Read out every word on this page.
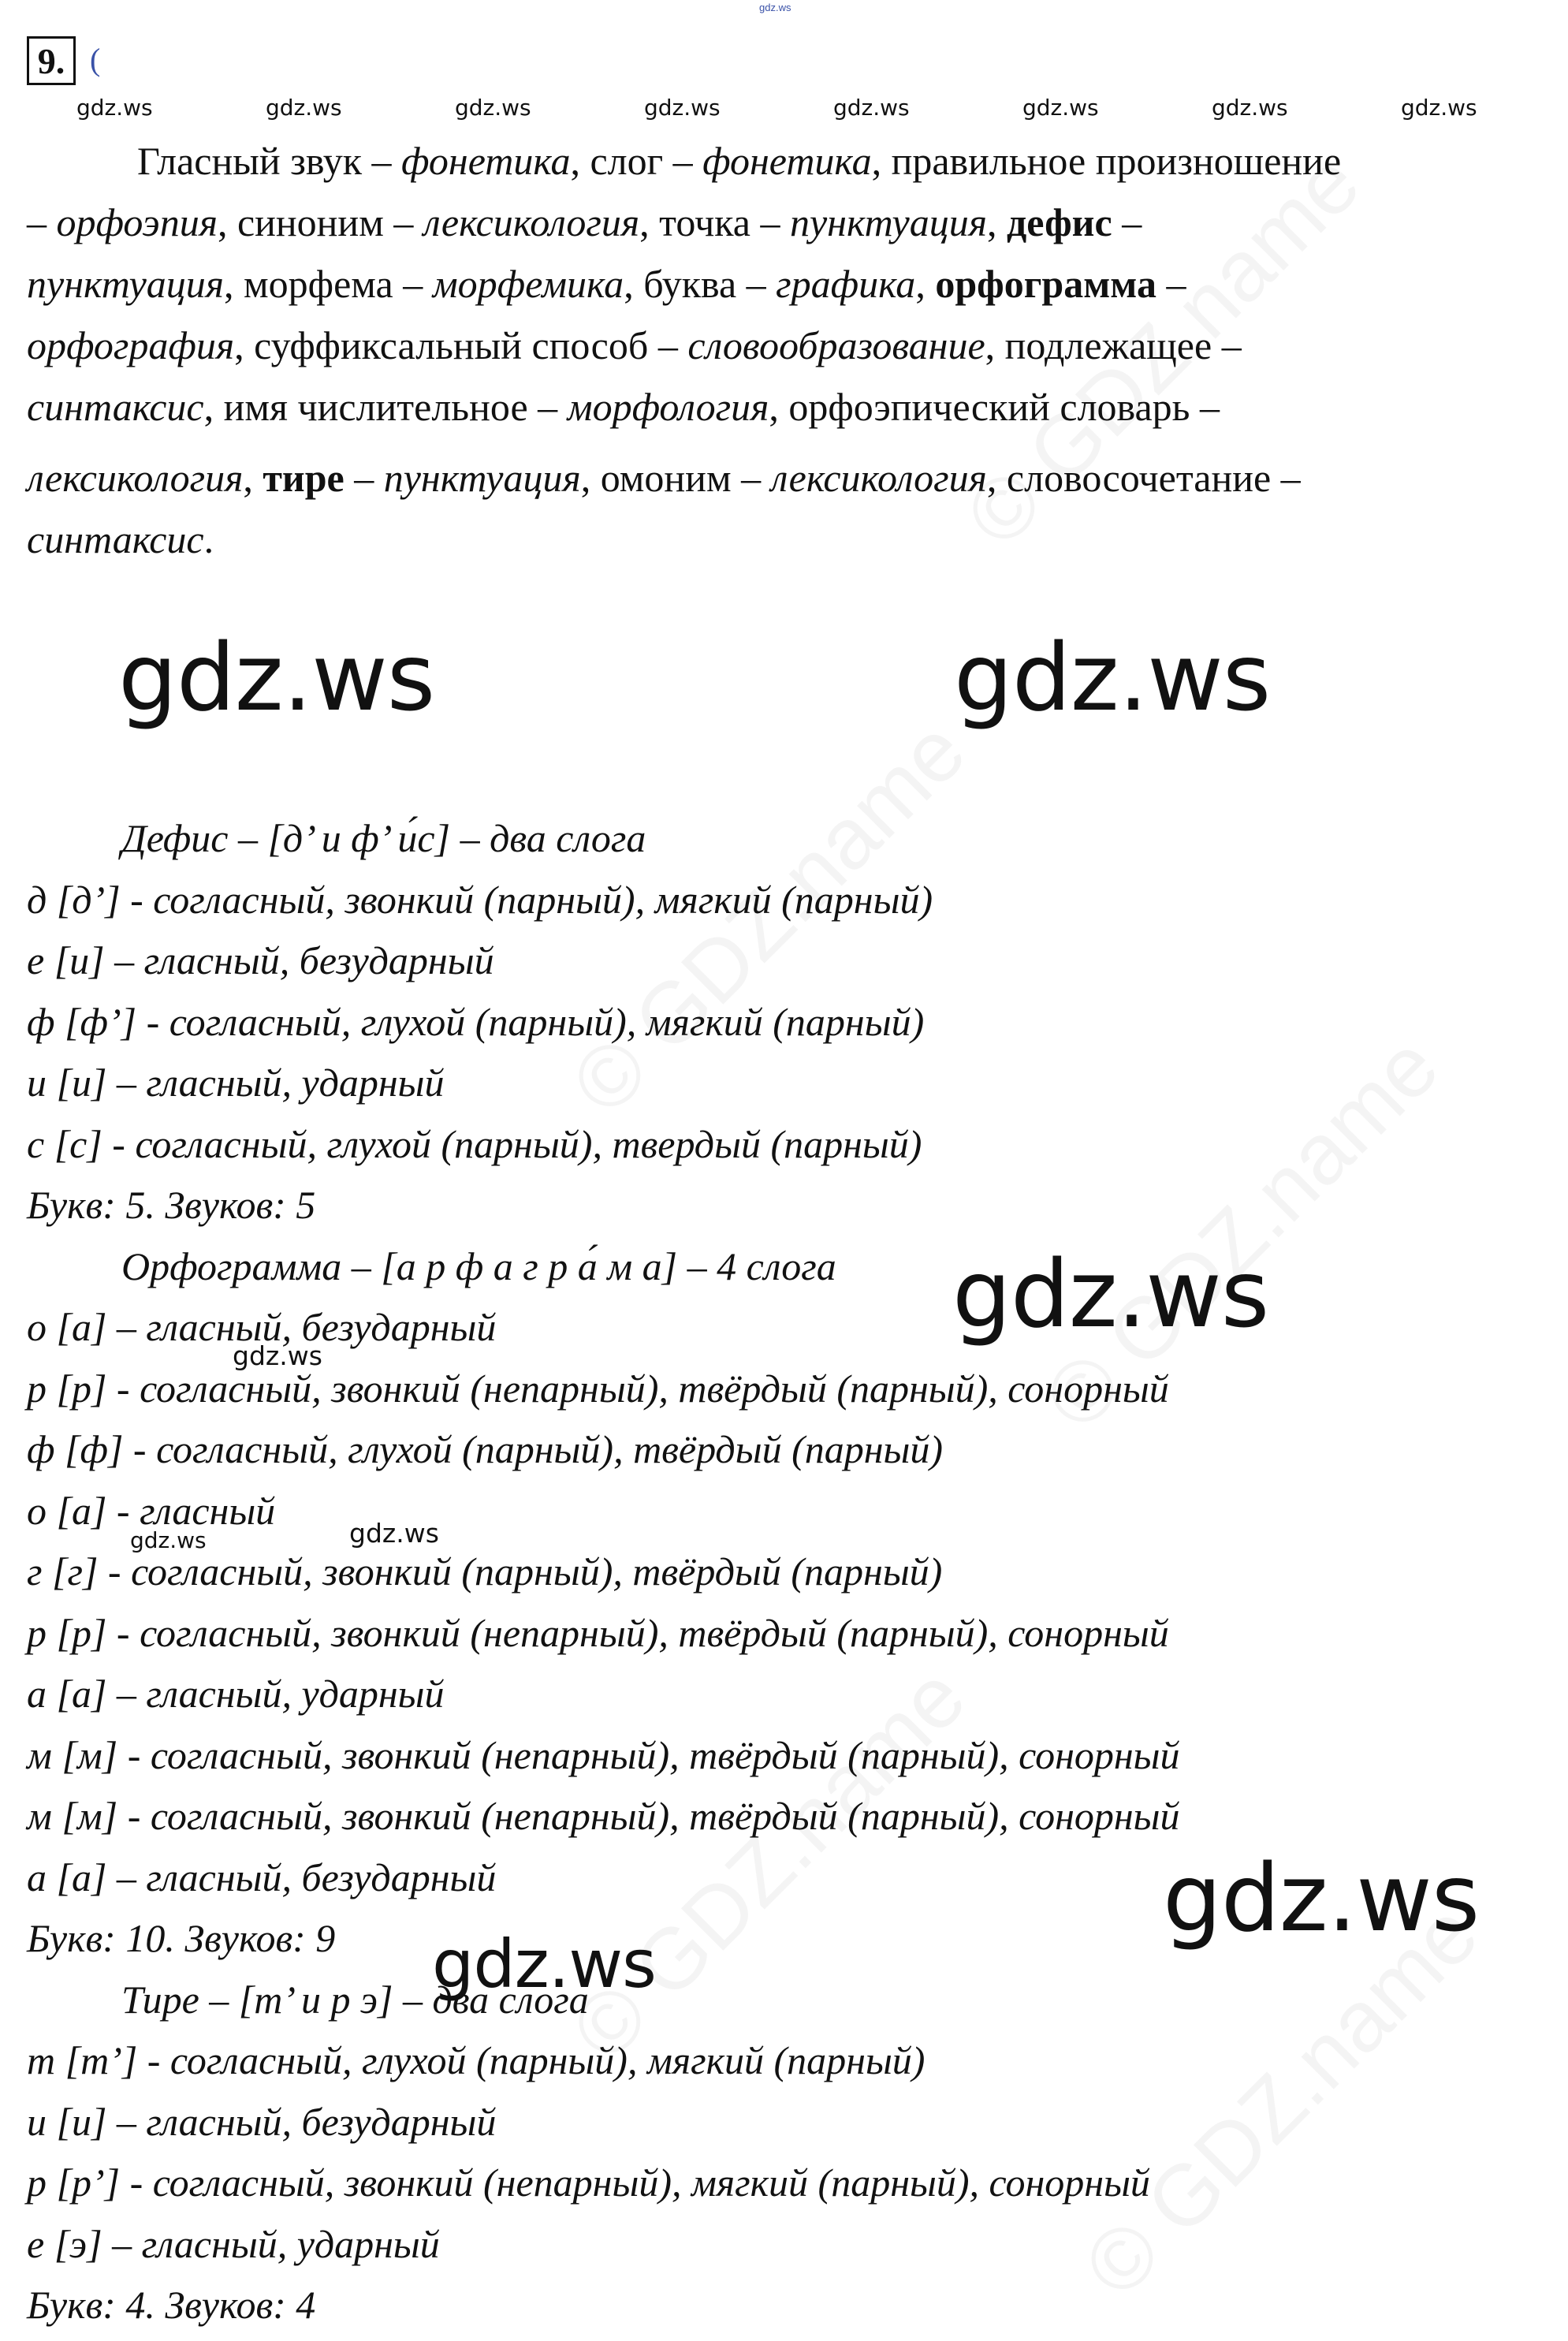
gdz.ws
9. (
gdz.ws	gdz.ws	gdz.ws	gdz.ws	gdz.ws	gdz.ws	gdz.ws	gdz.ws
Гласный звук – фонетика, слог – фонетика, правильное произношение
– орфоэпия, синоним – лексикология, точка – пунктуация, дефис –
пунктуация, морфема – морфемика, буква – графика, орфограмма –
орфография, суффиксальный способ – словообразование, подлежащее –
синтаксис, имя числительное – морфология, орфоэпический словарь –
лексикология, тире – пунктуация, омоним – лексикология, словосочетание –
синтаксис.
gdz.ws	gdz.ws
gdz.ws
gdz.ws
gdz.ws
gdz.ws
gdz.ws	gdz.ws
Дефис – [д’ и ф’ и́с] – два слога
д [д’] - согласный, звонкий (парный), мягкий (парный)
е [и] – гласный, безударный
ф [ф’] - согласный, глухой (парный), мягкий (парный)
и [и] – гласный, ударный
с [с] - согласный, глухой (парный), твердый (парный)
Букв: 5. Звуков: 5
Орфограмма – [а р ф а г р а́ м а] – 4 слога
о [а] – гласный, безударный
р [р] - согласный, звонкий (непарный), твёрдый (парный), сонорный
ф [ф] - согласный, глухой (парный), твёрдый (парный)
о [а] - гласный
г [г] - согласный, звонкий (парный), твёрдый (парный)
р [р] - согласный, звонкий (непарный), твёрдый (парный), сонорный
а [а] – гласный, ударный
м [м] - согласный, звонкий (непарный), твёрдый (парный), сонорный
м [м] - согласный, звонкий (непарный), твёрдый (парный), сонорный
а [а] – гласный, безударный
Букв: 10. Звуков: 9
Тире – [т’ и р э] – два слога
т [т’] - согласный, глухой (парный), мягкий (парный)
и [и] – гласный, безударный
р [р’] - согласный, звонкий (непарный), мягкий (парный), сонорный
е [э] – гласный, ударный
Букв: 4. Звуков: 4
